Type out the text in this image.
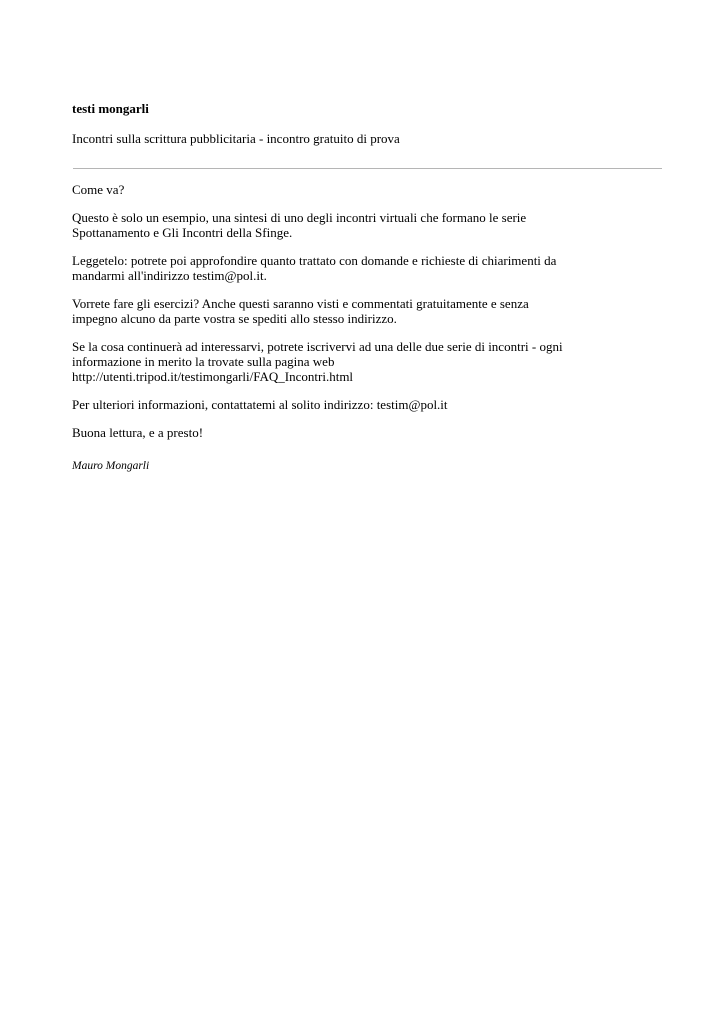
testi mongarli

Incontri sulla scrittura pubblicitaria - incontro gratuito di prova

Come va?

Questo è solo un esempio, una sintesi di uno degli incontri virtuali che formano le serie
Spottanamento e Gli Incontri della Sfinge.

Leggetelo: potrete poi approfondire quanto trattato con domande e richieste di chiarimenti da
mandarmi all'indirizzo testim@pol.it.

Vorrete fare gli esercizi? Anche questi saranno visti e commentati gratuitamente e senza
impegno alcuno da parte vostra se spediti allo stesso indirizzo.

Se la cosa continuerà ad interessarvi, potrete iscrivervi ad una delle due serie di incontri - ogni
informazione in merito la trovate sulla pagina web
http://utenti.tripod.it/testimongarli/FAQ_Incontri.html

Per ulteriori informazioni, contattatemi al solito indirizzo: testim@pol.it

Buona lettura, e a presto!

Mauro Mongarli
